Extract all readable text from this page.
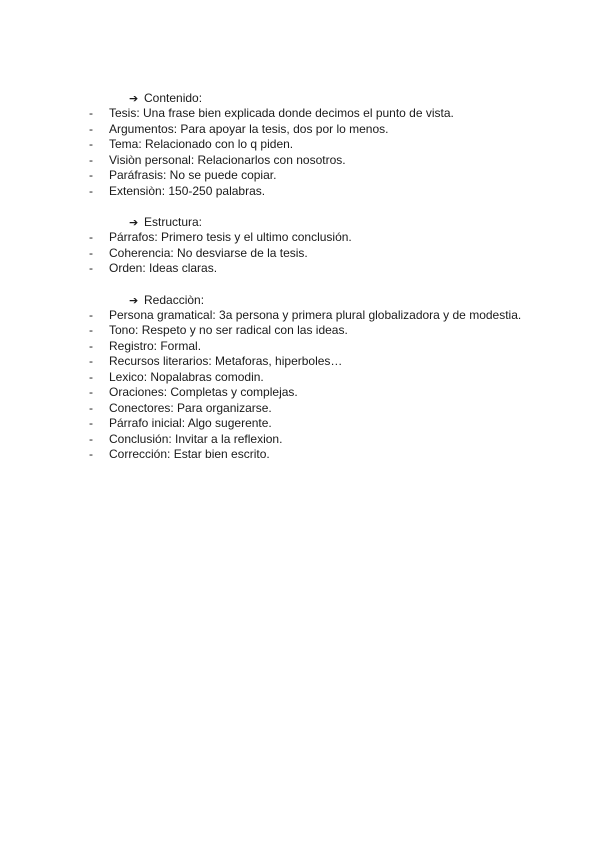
➔ Contenido:
-	Tesis: Una frase bien explicada donde decimos el punto de vista.
-	Argumentos: Para apoyar la tesis, dos por lo menos.
-	Tema: Relacionado con lo q piden.
-	Visiòn personal: Relacionarlos con nosotros.
-	Paráfrasis: No se puede copiar.
-	Extensiòn: 150-250 palabras.
➔ Estructura:
-	Párrafos: Primero tesis y el ultimo conclusión.
-	Coherencia: No desviarse de la tesis.
-	Orden: Ideas claras.
➔ Redacciòn:
-	Persona gramatical: 3a persona y primera plural globalizadora y de modestia.
-	Tono: Respeto y no ser radical con las ideas.
-	Registro: Formal.
-	Recursos literarios: Metaforas, hiperboles…
-	Lexico: Nopalabras comodin.
-	Oraciones: Completas y complejas.
-	Conectores: Para organizarse.
-	Párrafo inicial: Algo sugerente.
-	Conclusión: Invitar a la reflexion.
-	Corrección: Estar bien escrito.
